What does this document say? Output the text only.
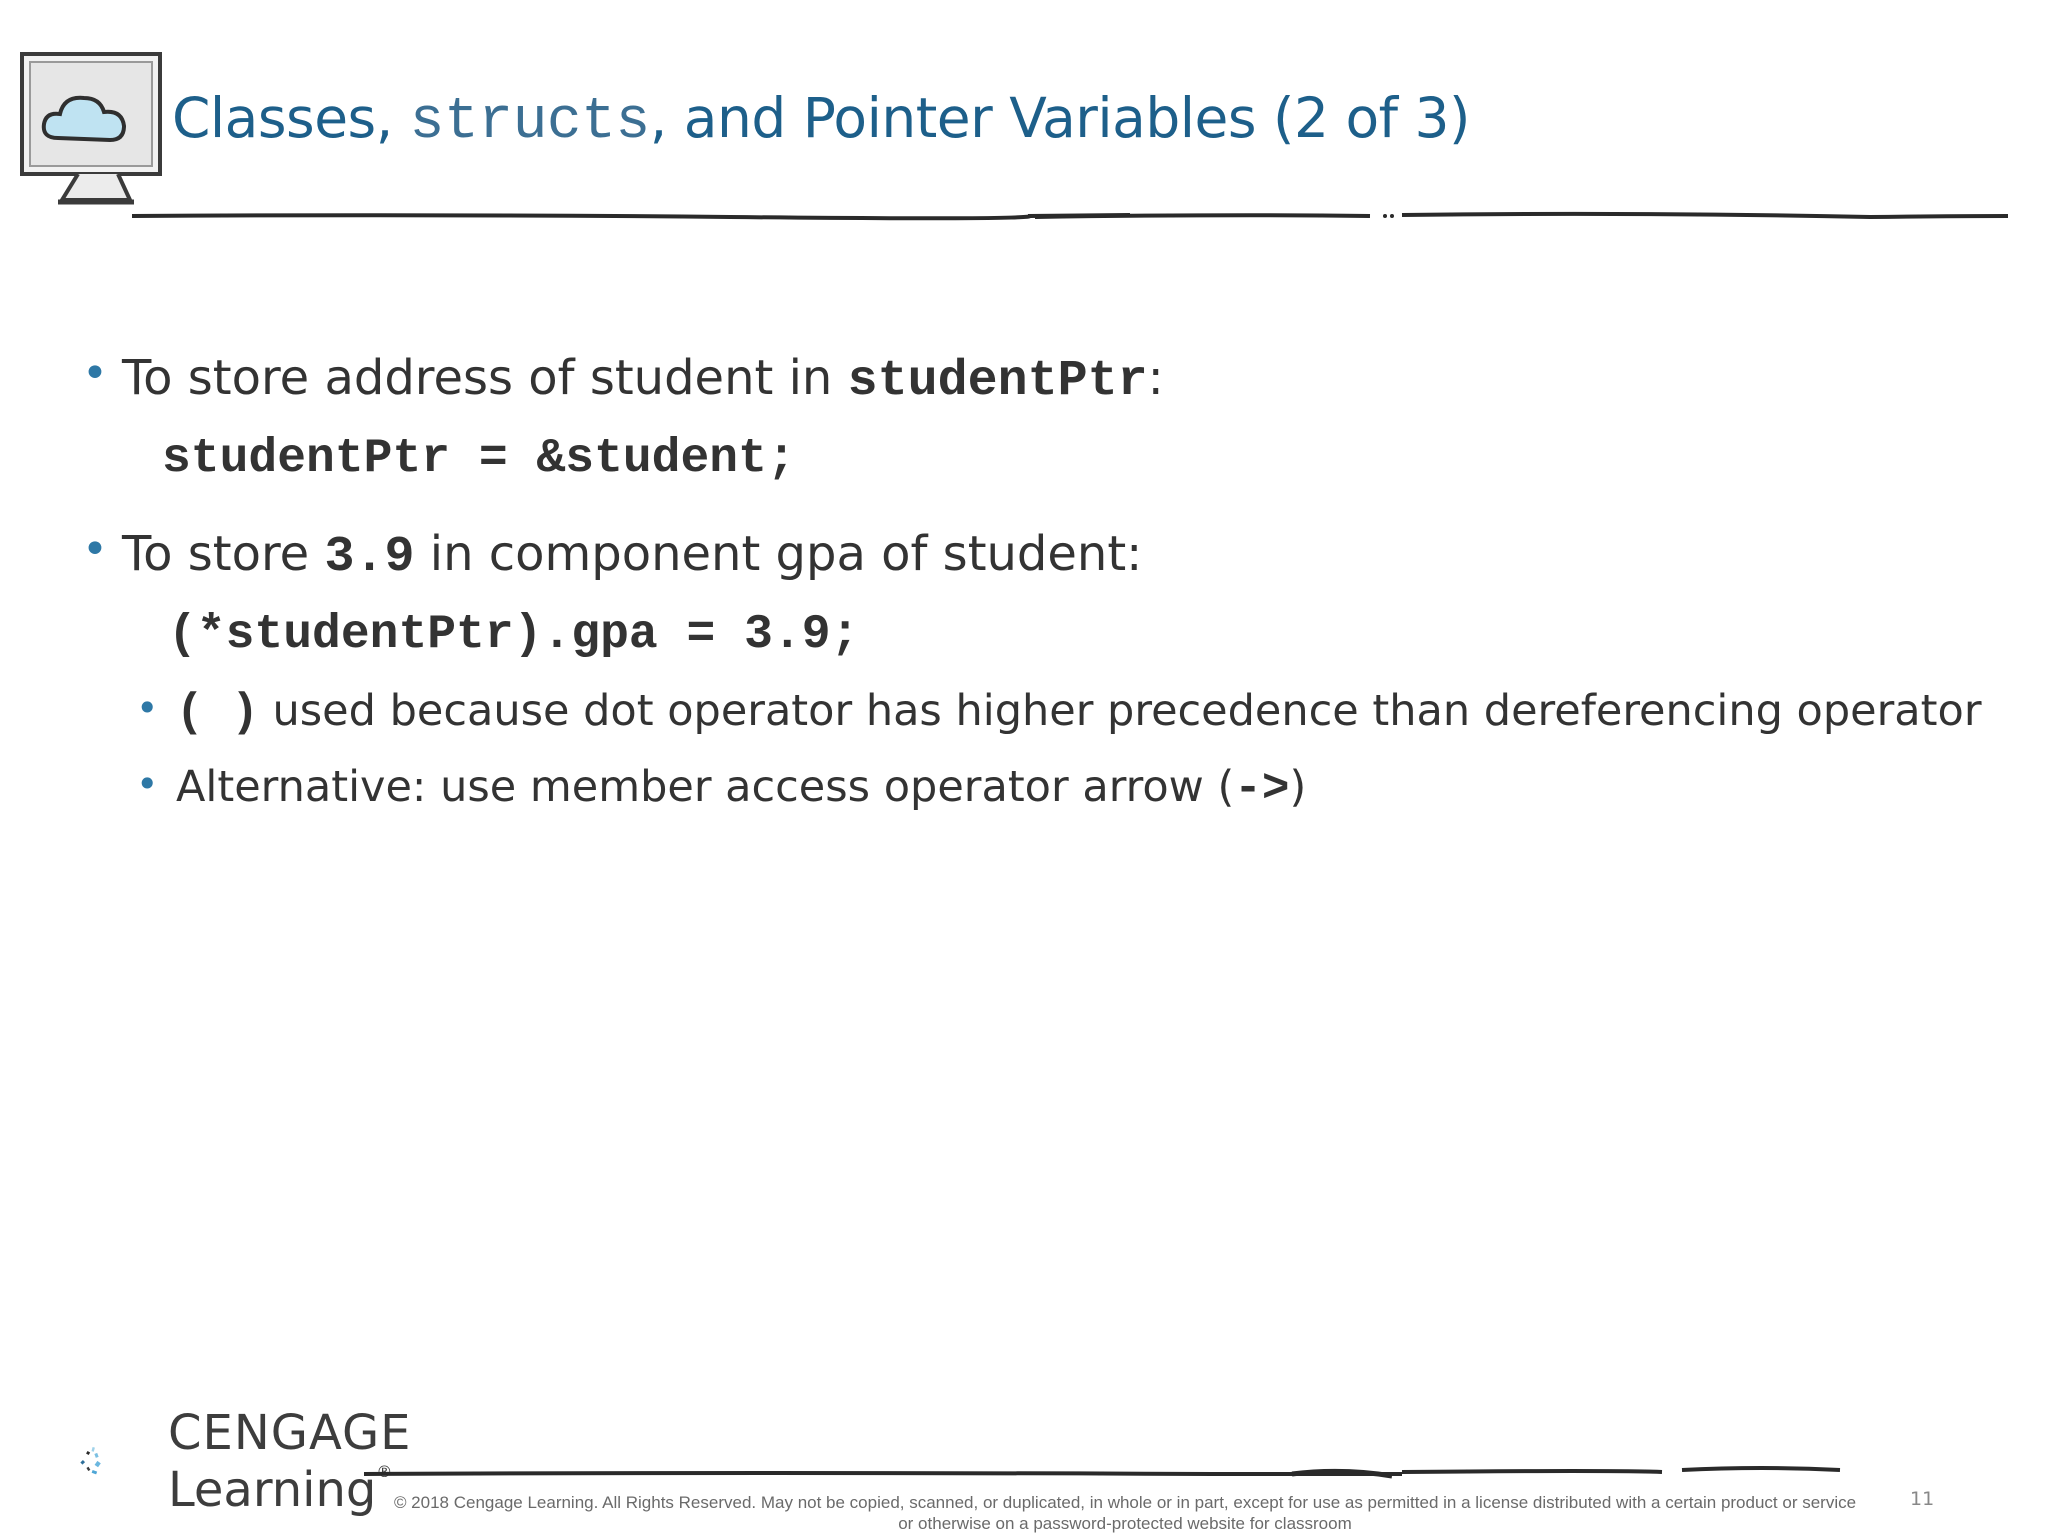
Classes, structs, and Pointer Variables (2 of 3)
• To store address of student in studentPtr:
studentPtr = &student;
• To store 3.9 in component gpa of student:
(*studentPtr).gpa = 3.9;
• ( ) used because dot operator has higher precedence than dereferencing operator
• Alternative: use member access operator arrow (->)
CENGAGE
Learning®
© 2018 Cengage Learning. All Rights Reserved. May not be copied, scanned, or duplicated, in whole or in part, except for use as permitted in a license distributed with a certain product or service
or otherwise on a password-protected website for classroom
11
